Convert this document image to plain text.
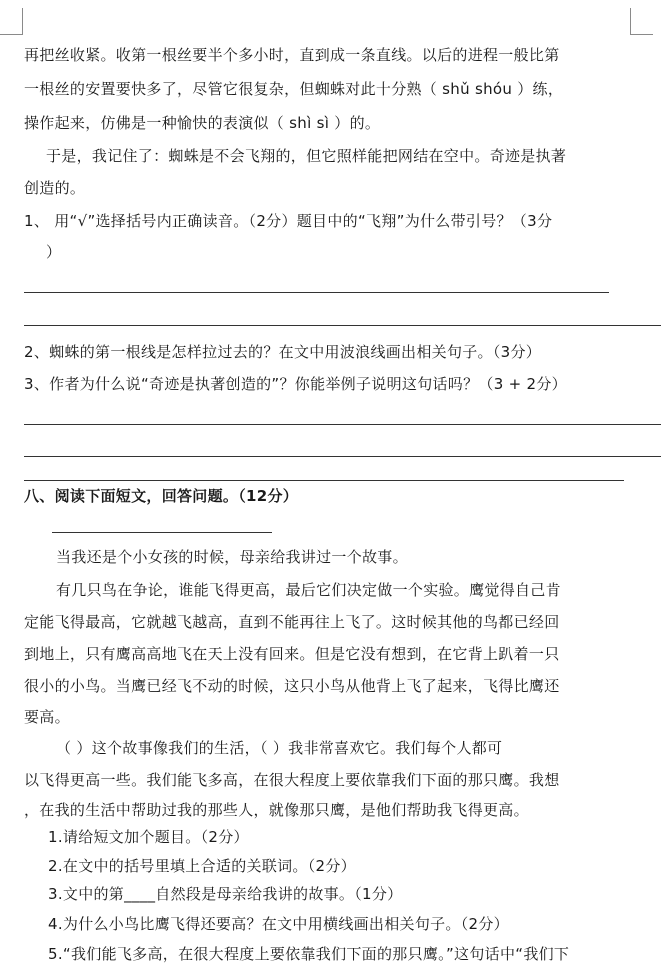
再把丝收紧。收第一根丝要半个多小时，直到成一条直线。以后的进程一般比第
一根丝的安置要快多了，尽管它很复杂，但蜘蛛对此十分熟（ shǔ shóu ）练，
操作起来，仿佛是一种愉快的表演似（ shì sì ）的。
于是，我记住了：蜘蛛是不会飞翔的，但它照样能把网结在空中。奇迹是执著
创造的。
1、 用“√”选择括号内正确读音。（2分）题目中的“飞翔”为什么带引号？（3分
）
2、蜘蛛的第一根线是怎样拉过去的？在文中用波浪线画出相关句子。（3分）
3、作者为什么说“奇迹是执著创造的”？你能举例子说明这句话吗？（3 + 2分）
八、阅读下面短文，回答问题。（12分）
当我还是个小女孩的时候，母亲给我讲过一个故事。
有几只鸟在争论，谁能飞得更高，最后它们决定做一个实验。鹰觉得自己肯
定能飞得最高，它就越飞越高，直到不能再往上飞了。这时候其他的鸟都已经回
到地上，只有鹰高高地飞在天上没有回来。但是它没有想到，在它背上趴着一只
很小的小鸟。当鹰已经飞不动的时候，这只小鸟从他背上飞了起来，飞得比鹰还
要高。
（ ）这个故事像我们的生活，（ ）我非常喜欢它。我们每个人都可
以飞得更高一些。我们能飞多高，在很大程度上要依靠我们下面的那只鹰。我想
，在我的生活中帮助过我的那些人，就像那只鹰，是他们帮助我飞得更高。
1.请给短文加个题目。（2分）
2.在文中的括号里填上合适的关联词。（2分）
3.文中的第____自然段是母亲给我讲的故事。（1分）
4.为什么小鸟比鹰飞得还要高？在文中用横线画出相关句子。（2分）
5.“我们能飞多高，在很大程度上要依靠我们下面的那只鹰。”这句话中“我们下
